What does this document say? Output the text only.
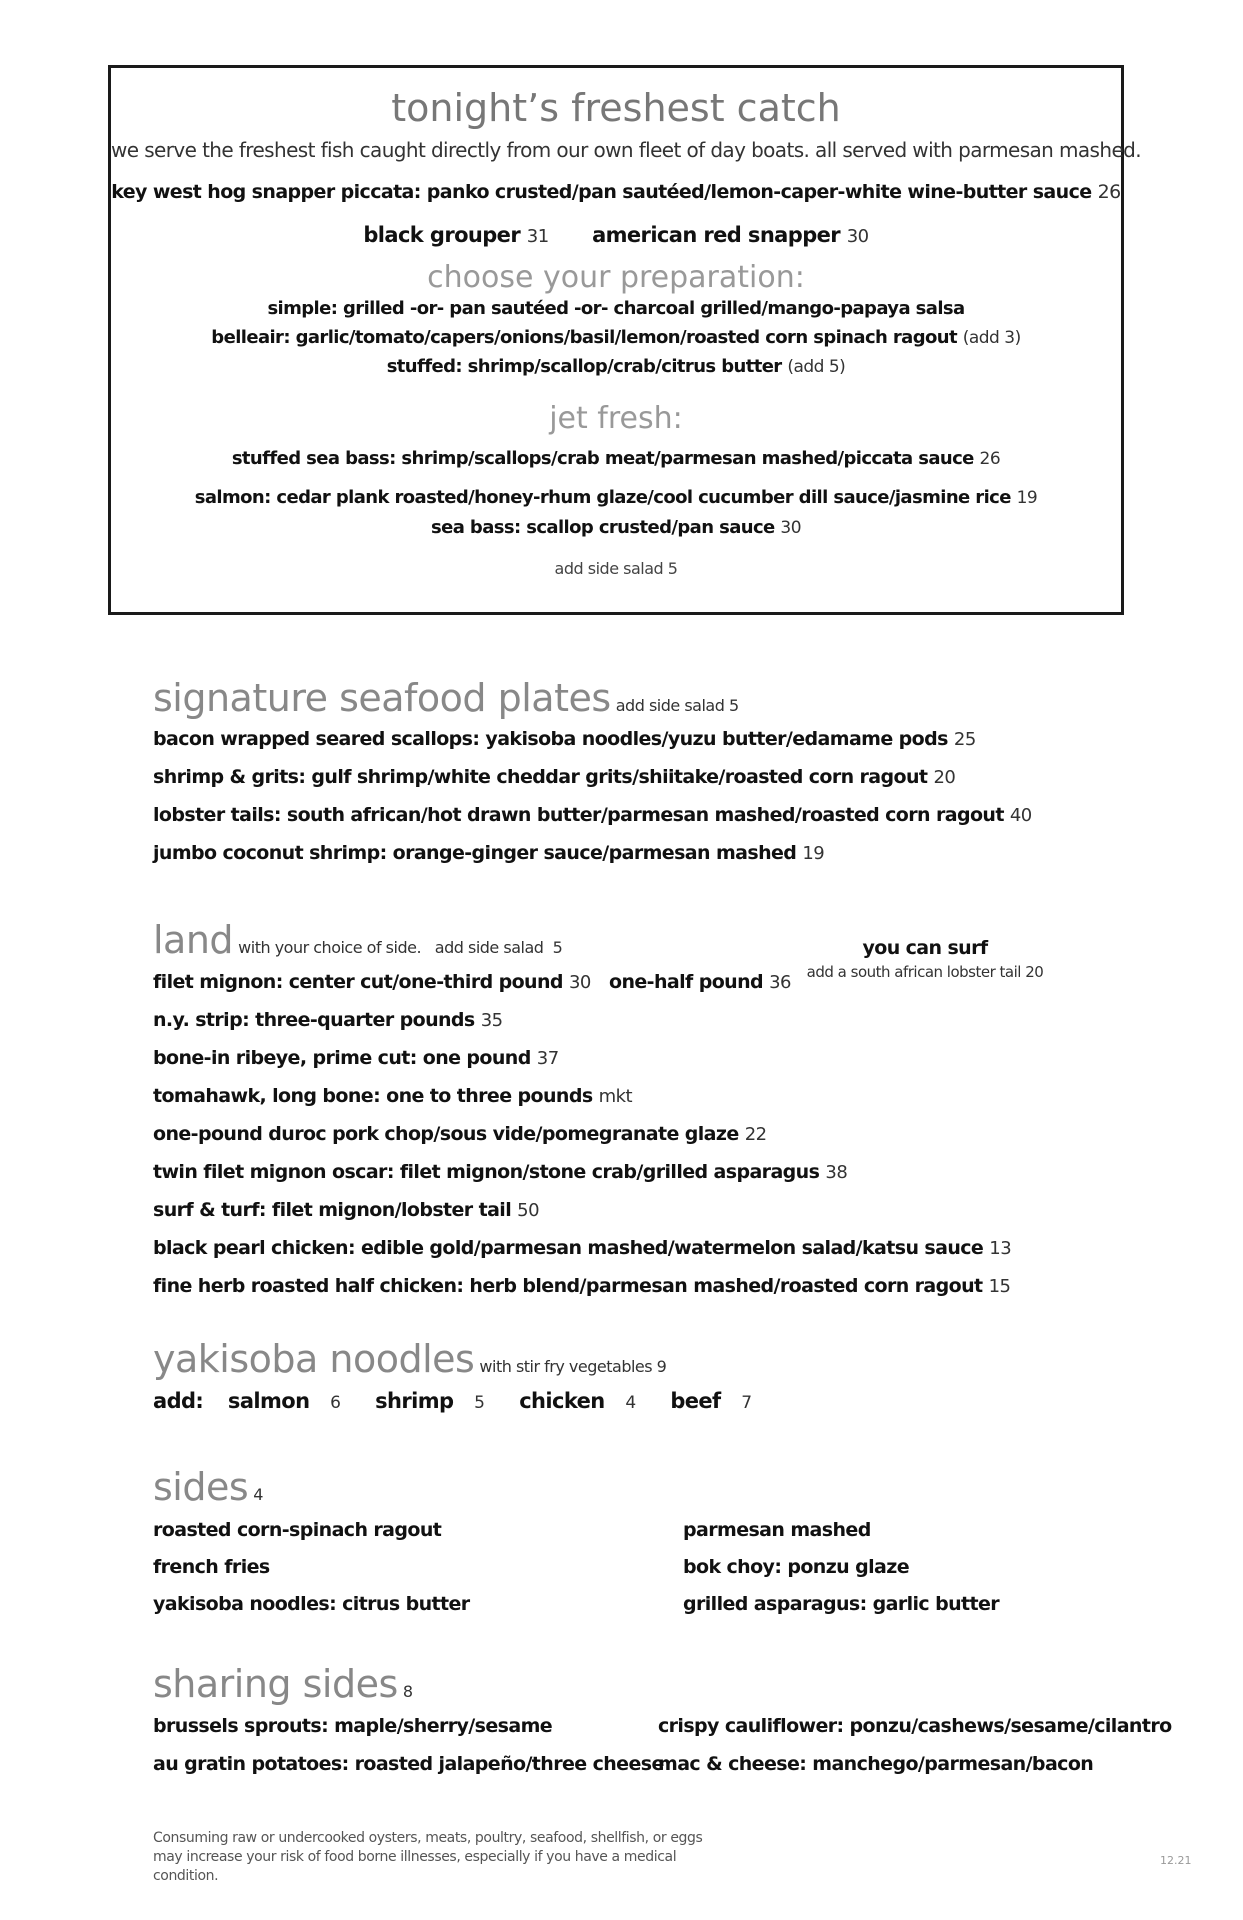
tonight’s freshest catch
we serve the freshest fish caught directly from our own fleet of day boats. all served with parmesan mashed.
key west hog snapper piccata: panko crusted/pan sautéed/lemon-caper-white wine-butter sauce 26
black grouper 31 american red snapper 30
choose your preparation:
simple: grilled -or- pan sautéed -or- charcoal grilled/mango-papaya salsa
belleair: garlic/tomato/capers/onions/basil/lemon/roasted corn spinach ragout (add 3)
stuffed: shrimp/scallop/crab/citrus butter (add 5)
jet fresh:
stuffed sea bass: shrimp/scallops/crab meat/parmesan mashed/piccata sauce 26
salmon: cedar plank roasted/honey-rhum glaze/cool cucumber dill sauce/jasmine rice 19
sea bass: scallop crusted/pan sauce 30
add side salad 5
signature seafood plates add side salad 5
bacon wrapped seared scallops: yakisoba noodles/yuzu butter/edamame pods 25
shrimp & grits: gulf shrimp/white cheddar grits/shiitake/roasted corn ragout 20
lobster tails: south african/hot drawn butter/parmesan mashed/roasted corn ragout 40
jumbo coconut shrimp: orange-ginger sauce/parmesan mashed 19
land with your choice of side.   add side salad  5
filet mignon: center cut/one-third pound 30 one-half pound 36
n.y. strip: three-quarter pounds 35
bone-in ribeye, prime cut: one pound 37
tomahawk, long bone: one to three pounds mkt
one-pound duroc pork chop/sous vide/pomegranate glaze 22
twin filet mignon oscar: filet mignon/stone crab/grilled asparagus 38
surf & turf: filet mignon/lobster tail 50
black pearl chicken: edible gold/parmesan mashed/watermelon salad/katsu sauce 13
fine herb roasted half chicken: herb blend/parmesan mashed/roasted corn ragout 15
you can surf
add a south african lobster tail 20
yakisoba noodles with stir fry vegetables 9
add: salmon 6 shrimp 5 chicken 4 beef 7
sides 4
roasted corn-spinach ragout
french fries
yakisoba noodles: citrus butter
parmesan mashed
bok choy: ponzu glaze
grilled asparagus: garlic butter
sharing sides 8
brussels sprouts: maple/sherry/sesame
au gratin potatoes: roasted jalapeño/three cheese
crispy cauliflower: ponzu/cashews/sesame/cilantro
mac & cheese: manchego/parmesan/bacon
Consuming raw or undercooked oysters, meats, poultry, seafood, shellfish, or eggs may increase your risk of food borne illnesses, especially if you have a medical condition.
12.21
